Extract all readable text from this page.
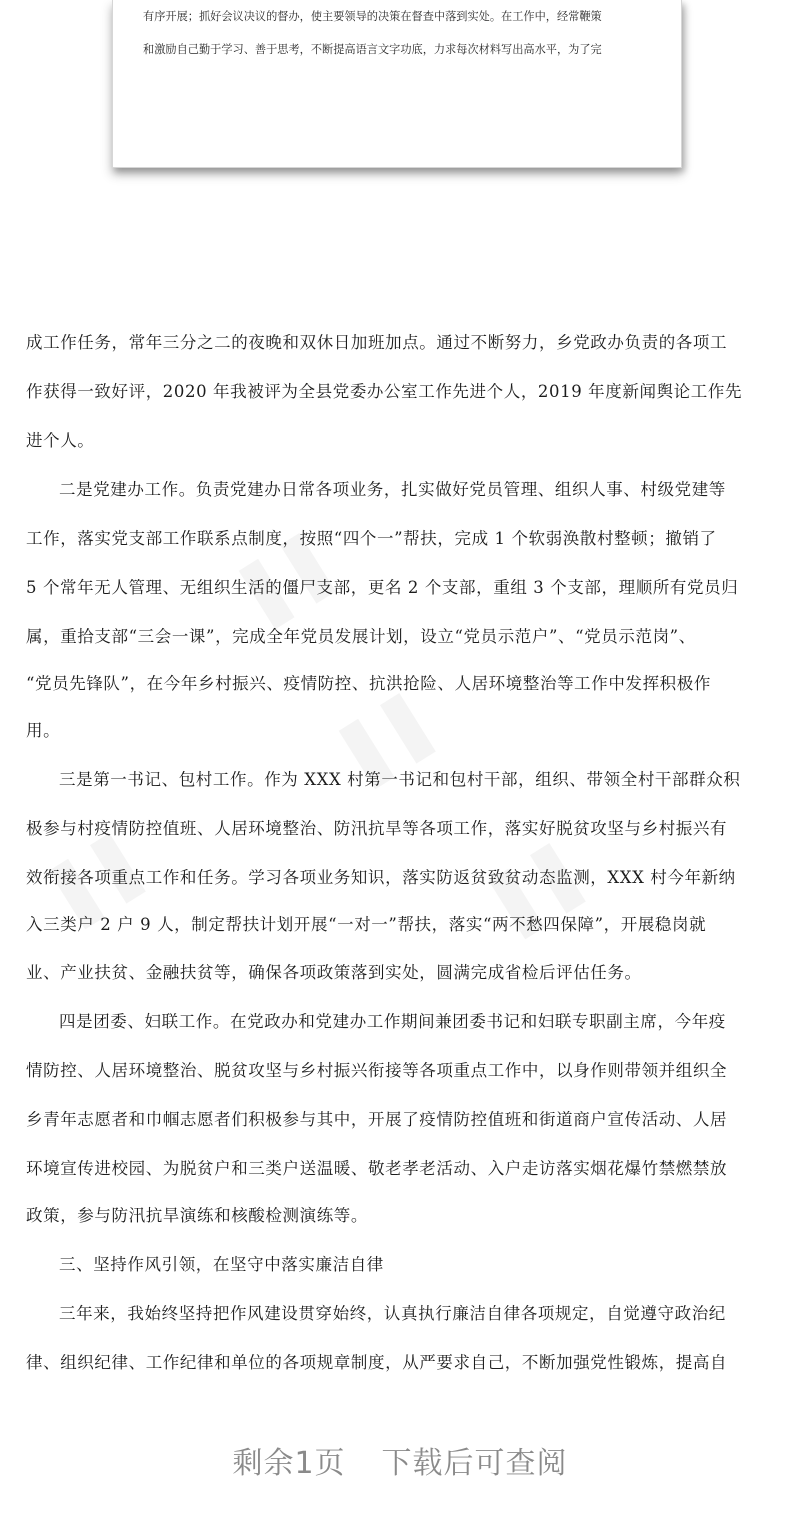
有序开展；抓好会议决议的督办，使主要领导的决策在督查中落到实处。在工作中，经常鞭策

和激励自己勤于学习、善于思考，不断提高语言文字功底，力求每次材料写出高水平，为了完

成工作任务，常年三分之二的夜晚和双休日加班加点。通过不断努力，乡党政办负责的各项工

作获得一致好评，2020 年我被评为全县党委办公室工作先进个人，2019 年度新闻舆论工作先

进个人。

二是党建办工作。负责党建办日常各项业务，扎实做好党员管理、组织人事、村级党建等

工作，落实党支部工作联系点制度，按照“四个一”帮扶，完成 1 个软弱涣散村整顿；撤销了

5 个常年无人管理、无组织生活的僵尸支部，更名 2 个支部，重组 3 个支部，理顺所有党员归

属，重拾支部“三会一课”，完成全年党员发展计划，设立“党员示范户”、“党员示范岗”、

“党员先锋队”，在今年乡村振兴、疫情防控、抗洪抢险、人居环境整治等工作中发挥积极作

用。

三是第一书记、包村工作。作为 XXX 村第一书记和包村干部，组织、带领全村干部群众积

极参与村疫情防控值班、人居环境整治、防汛抗旱等各项工作，落实好脱贫攻坚与乡村振兴有

效衔接各项重点工作和任务。学习各项业务知识，落实防返贫致贫动态监测，XXX 村今年新纳

入三类户 2 户 9 人，制定帮扶计划开展“一对一”帮扶，落实“两不愁四保障”，开展稳岗就

业、产业扶贫、金融扶贫等，确保各项政策落到实处，圆满完成省检后评估任务。

四是团委、妇联工作。在党政办和党建办工作期间兼团委书记和妇联专职副主席，今年疫

情防控、人居环境整治、脱贫攻坚与乡村振兴衔接等各项重点工作中，以身作则带领并组织全

乡青年志愿者和巾帼志愿者们积极参与其中，开展了疫情防控值班和街道商户宣传活动、人居

环境宣传进校园、为脱贫户和三类户送温暖、敬老孝老活动、入户走访落实烟花爆竹禁燃禁放

政策，参与防汛抗旱演练和核酸检测演练等。

三、坚持作风引领，在坚守中落实廉洁自律

三年来，我始终坚持把作风建设贯穿始终，认真执行廉洁自律各项规定，自觉遵守政治纪

律、组织纪律、工作纪律和单位的各项规章制度，从严要求自己，不断加强党性锻炼，提高自

剩余1页 下载后可查阅
